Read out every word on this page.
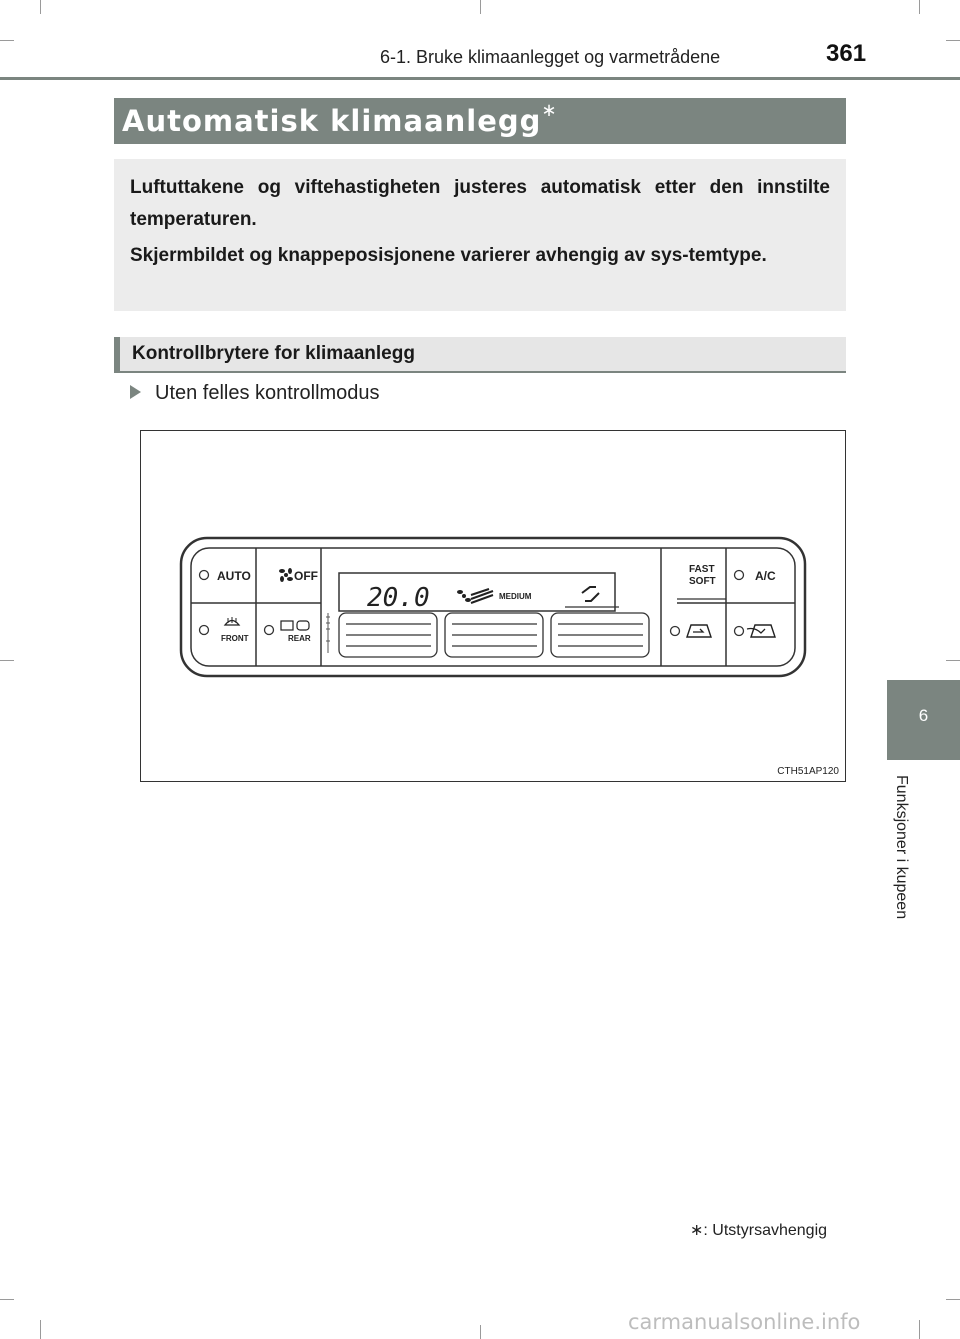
6-1. Bruke klimaanlegget og varmetrådene	361
Automatisk klimaanlegg∗
Luftuttakene og viftehastigheten justeres automatisk etter den innstilte temperaturen.
Skjermbildet og knappeposisjonene varierer avhengig av sys-temtype.
Kontrollbrytere for klimaanlegg
Uten felles kontrollmodus
AUTO	OFF	FAST
SOFT	A/C
FRONT	REAR
20.0	MEDIUM
CTH51AP120
6
Funksjoner i kupeen
∗: Utstyrsavhengig
carmanualsonline.info
